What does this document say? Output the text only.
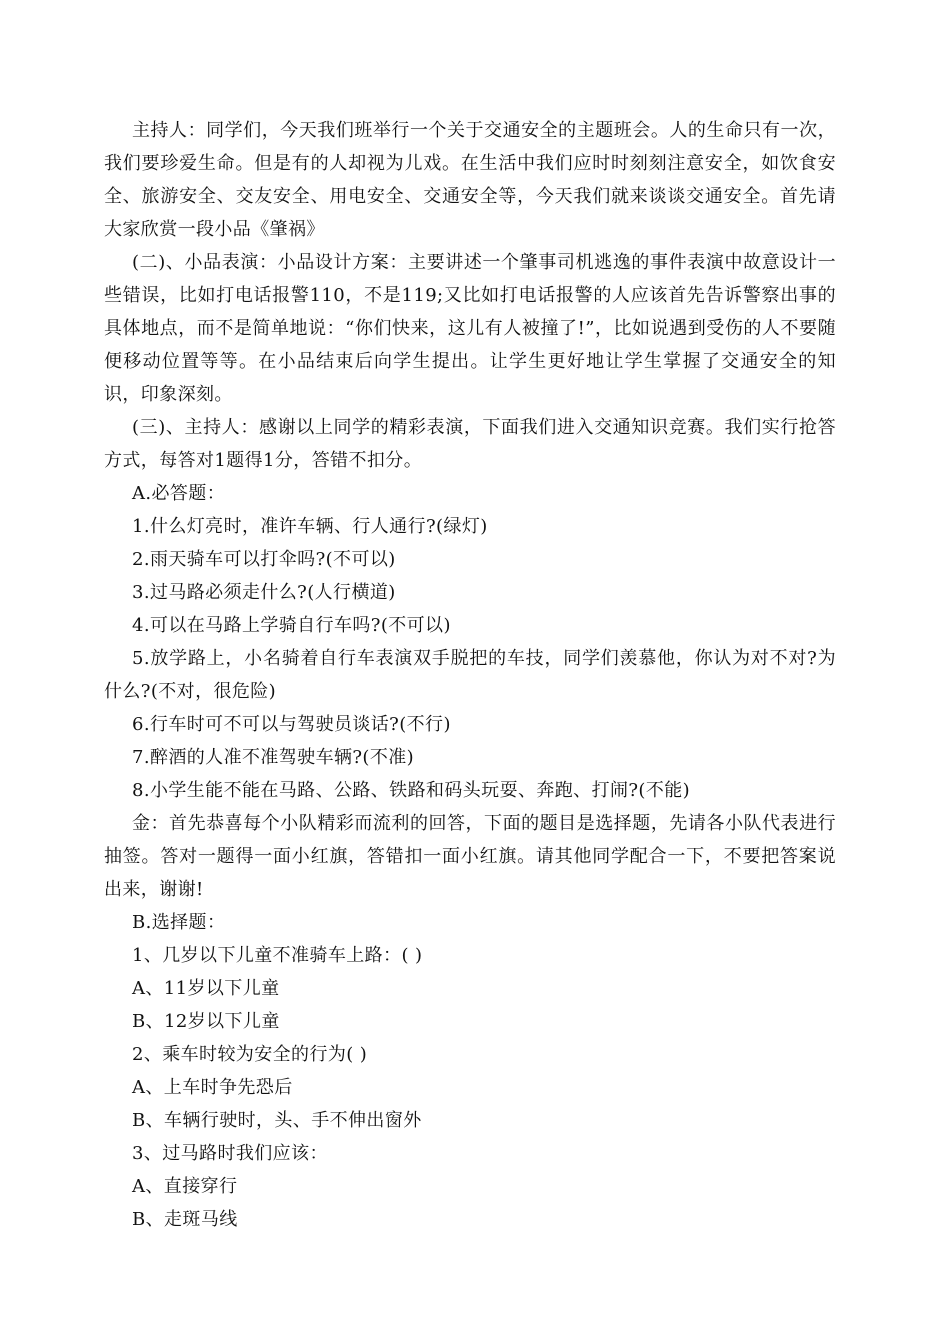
主持人：同学们，今天我们班举行一个关于交通安全的主题班会。人的生命只有一次，我们要珍爱生命。但是有的人却视为儿戏。在生活中我们应时时刻刻注意安全，如饮食安全、旅游安全、交友安全、用电安全、交通安全等，今天我们就来谈谈交通安全。首先请大家欣赏一段小品《肇祸》

(二)、小品表演：小品设计方案：主要讲述一个肇事司机逃逸的事件表演中故意设计一些错误，比如打电话报警110，不是119;又比如打电话报警的人应该首先告诉警察出事的具体地点，而不是简单地说：“你们快来，这儿有人被撞了!”，比如说遇到受伤的人不要随便移动位置等等。在小品结束后向学生提出。让学生更好地让学生掌握了交通安全的知识，印象深刻。

(三)、主持人：感谢以上同学的精彩表演，下面我们进入交通知识竞赛。我们实行抢答方式，每答对1题得1分，答错不扣分。

A.必答题：

1.什么灯亮时，准许车辆、行人通行?(绿灯)

2.雨天骑车可以打伞吗?(不可以)

3.过马路必须走什么?(人行横道)

4.可以在马路上学骑自行车吗?(不可以)

5.放学路上，小名骑着自行车表演双手脱把的车技，同学们羡慕他，你认为对不对?为什么?(不对，很危险)

6.行车时可不可以与驾驶员谈话?(不行)

7.醉酒的人准不准驾驶车辆?(不准)

8.小学生能不能在马路、公路、铁路和码头玩耍、奔跑、打闹?(不能)

金：首先恭喜每个小队精彩而流利的回答，下面的题目是选择题，先请各小队代表进行抽签。答对一题得一面小红旗，答错扣一面小红旗。请其他同学配合一下，不要把答案说出来，谢谢!

B.选择题：

1、几岁以下儿童不准骑车上路：( )

A、11岁以下儿童

B、12岁以下儿童

2、乘车时较为安全的行为( )

A、上车时争先恐后

B、车辆行驶时，头、手不伸出窗外

3、过马路时我们应该：

A、直接穿行

B、走斑马线
